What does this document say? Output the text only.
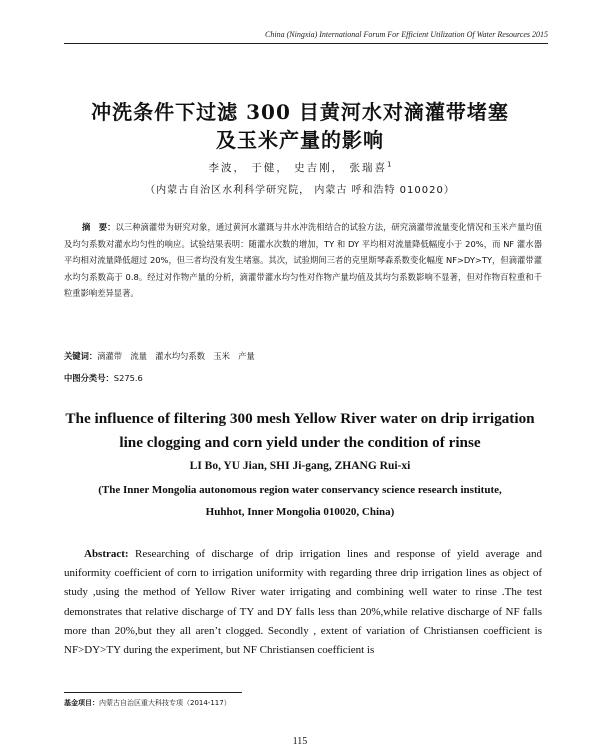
China (Ningxia) International Forum For Efficient Utilization Of Water Resources 2015
冲洗条件下过滤 300 目黄河水对滴灌带堵塞
及玉米产量的影响
李波， 于健， 史吉刚， 张瑞喜$^1$
（内蒙古自治区水利科学研究院， 内蒙古 呼和浩特 010020）
摘　要：以三种滴灌带为研究对象，通过黄河水灌溉与井水冲洗相结合的试验方法，研究滴灌带流量变化情况和玉米产量均值及均匀系数对灌水均匀性的响应。试验结果表明：随灌水次数的增加，TY 和 DY 平均相对流量降低幅度小于 20%，而 NF 灌水器平均相对流量降低超过 20%，但三者均没有发生堵塞。其次，试验期间三者的克里斯琴森系数变化幅度 NF>DY>TY，但滴灌带灌水均匀系数高于 0.8。经过对作物产量的分析，滴灌带灌水均匀性对作物产量均值及其均匀系数影响不显著，但对作物百粒重和千粒重影响差异显著。
关键词：滴灌带　流量　灌水均匀系数　玉米　产量
中图分类号：S275.6
The influence of filtering 300 mesh Yellow River water on drip irrigation
line clogging and corn yield under the condition of rinse
LI Bo, YU Jian, SHI Ji-gang, ZHANG Rui-xi
(The Inner Mongolia autonomous region water conservancy science research institute,
Huhhot, Inner Mongolia 010020, China)
Abstract: Researching of discharge of drip irrigation lines and response of yield average and uniformity coefficient of corn to irrigation uniformity with regarding three drip irrigation lines as object of study ,using the method of Yellow River water irrigating and combining well water to rinse .The test demonstrates that relative discharge of TY and DY falls less than 20%,while relative discharge of NF falls more than 20%,but they all aren’t clogged. Secondly , extent of variation of Christiansen coefficient is NF>DY>TY during the experiment, but NF Christiansen coefficient is
基金项目：内蒙古自治区重大科技专项（2014-117）
115
